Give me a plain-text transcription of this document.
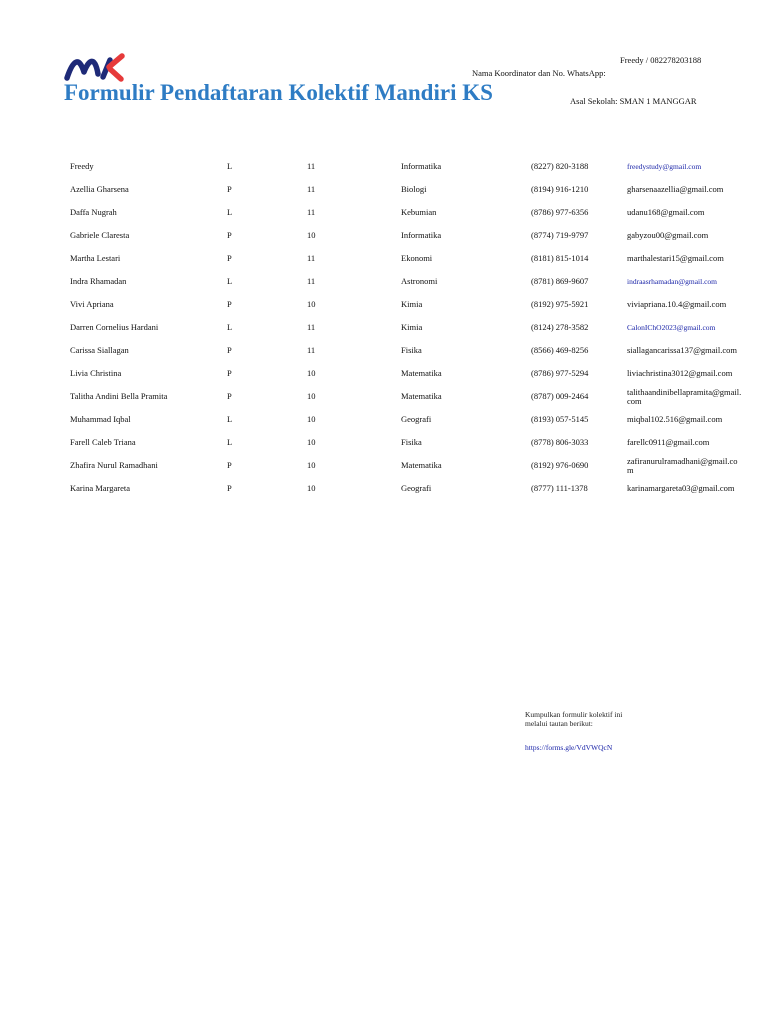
Formulir Pendaftaran Kolektif Mandiri KS
Freedy / 082278203188
Nama Koordinator dan No. WhatsApp:
Asal Sekolah: SMAN 1 MANGGAR
Freedy	L	11	Informatika	(8227) 820-3188	freedystudy@gmail.com
Azellia Gharsena	P	11	Biologi	(8194) 916-1210	gharsenaazellia@gmail.com
Daffa Nugrah	L	11	Kebumian	(8786) 977-6356	udanu168@gmail.com
Gabriele Claresta	P	10	Informatika	(8774) 719-9797	gabyzou00@gmail.com
Martha Lestari	P	11	Ekonomi	(8181) 815-1014	marthalestari15@gmail.com
Indra Rhamadan	L	11	Astronomi	(8781) 869-9607	indraasrhamadan@gmail.com
Vivi Apriana	P	10	Kimia	(8192) 975-5921	viviapriana.10.4@gmail.com
Darren Cornelius Hardani	L	11	Kimia	(8124) 278-3582	CalonIChO2023@gmail.com
Carissa Siallagan	P	11	Fisika	(8566) 469-8256	siallagancarissa137@gmail.com
Livia Christina	P	10	Matematika	(8786) 977-5294	liviachristina3012@gmail.com
Talitha Andini Bella Pramita	P	10	Matematika	(8787) 009-2464	talithaandinibellapramita@gmail.com
Muhammad Iqbal	L	10	Geografi	(8193) 057-5145	miqbal102.516@gmail.com
Farell Caleb Triana	L	10	Fisika	(8778) 806-3033	farellc0911@gmail.com
Zhafira Nurul Ramadhani	P	10	Matematika	(8192) 976-0690	zafiranurulramadhani@gmail.com
Karina Margareta	P	10	Geografi	(8777) 111-1378	karinamargareta03@gmail.com
Kumpulkan formulir kolektif ini melalui tautan berikut:
https://forms.gle/VdVWQcN
